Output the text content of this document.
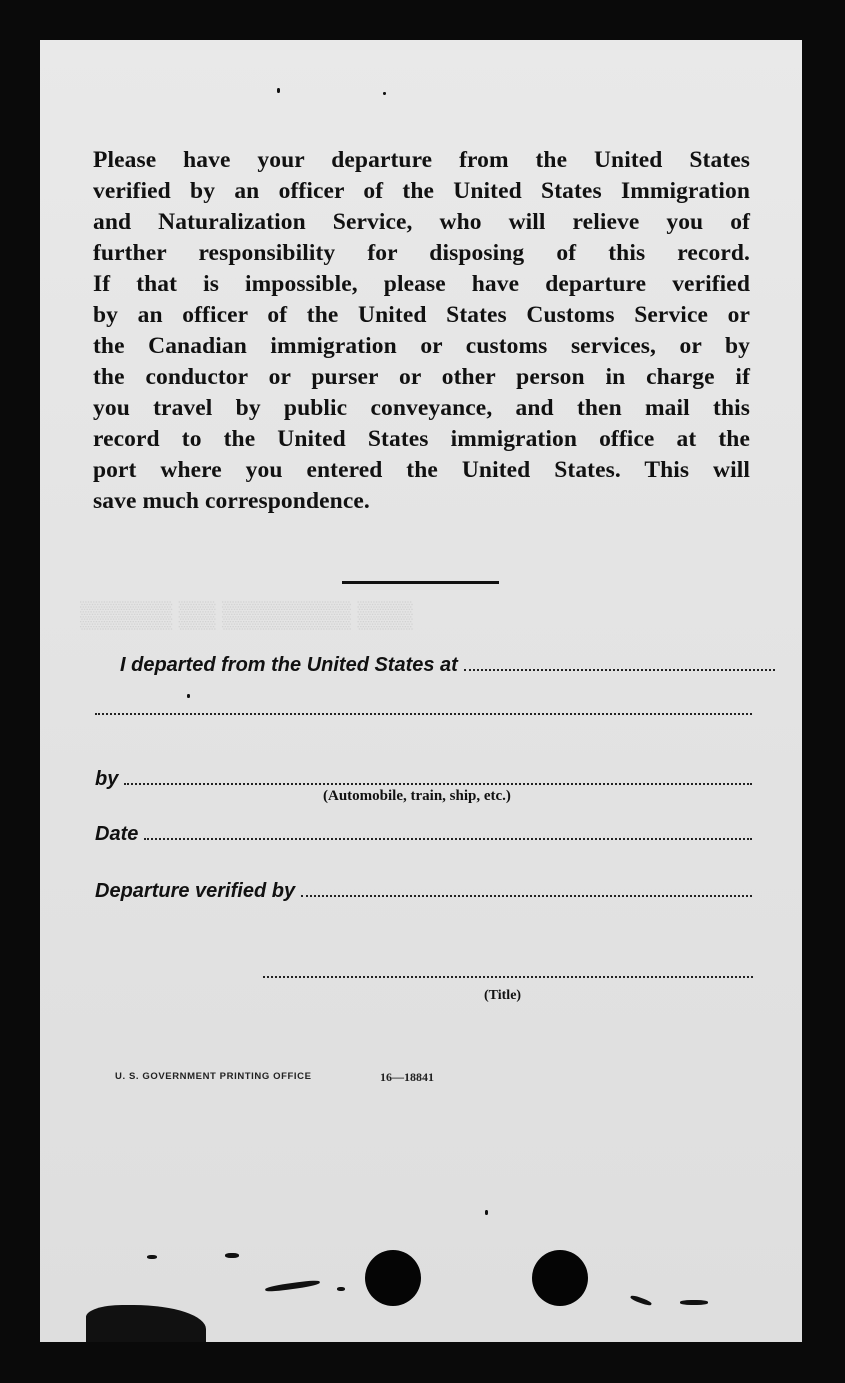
▒▒▒ ▒▒▒▒▒▒▒ ▒▒ ▒▒▒▒▒
Please have your departure from the United States
verified by an officer of the United States Immigration
and Naturalization Service, who will relieve you of
further responsibility for disposing of this record.
If that is impossible, please have departure verified
by an officer of the United States Customs Service or
the Canadian immigration or customs services, or by
the conductor or purser or other person in charge if
you travel by public conveyance, and then mail this
record to the United States immigration office at the
port where you entered the United States. This will
save much correspondence.
I departed from the United States at
by
(Automobile, train, ship, etc.)
Date
Departure verified by
(Title)
U. S. GOVERNMENT PRINTING OFFICE	16—18841
